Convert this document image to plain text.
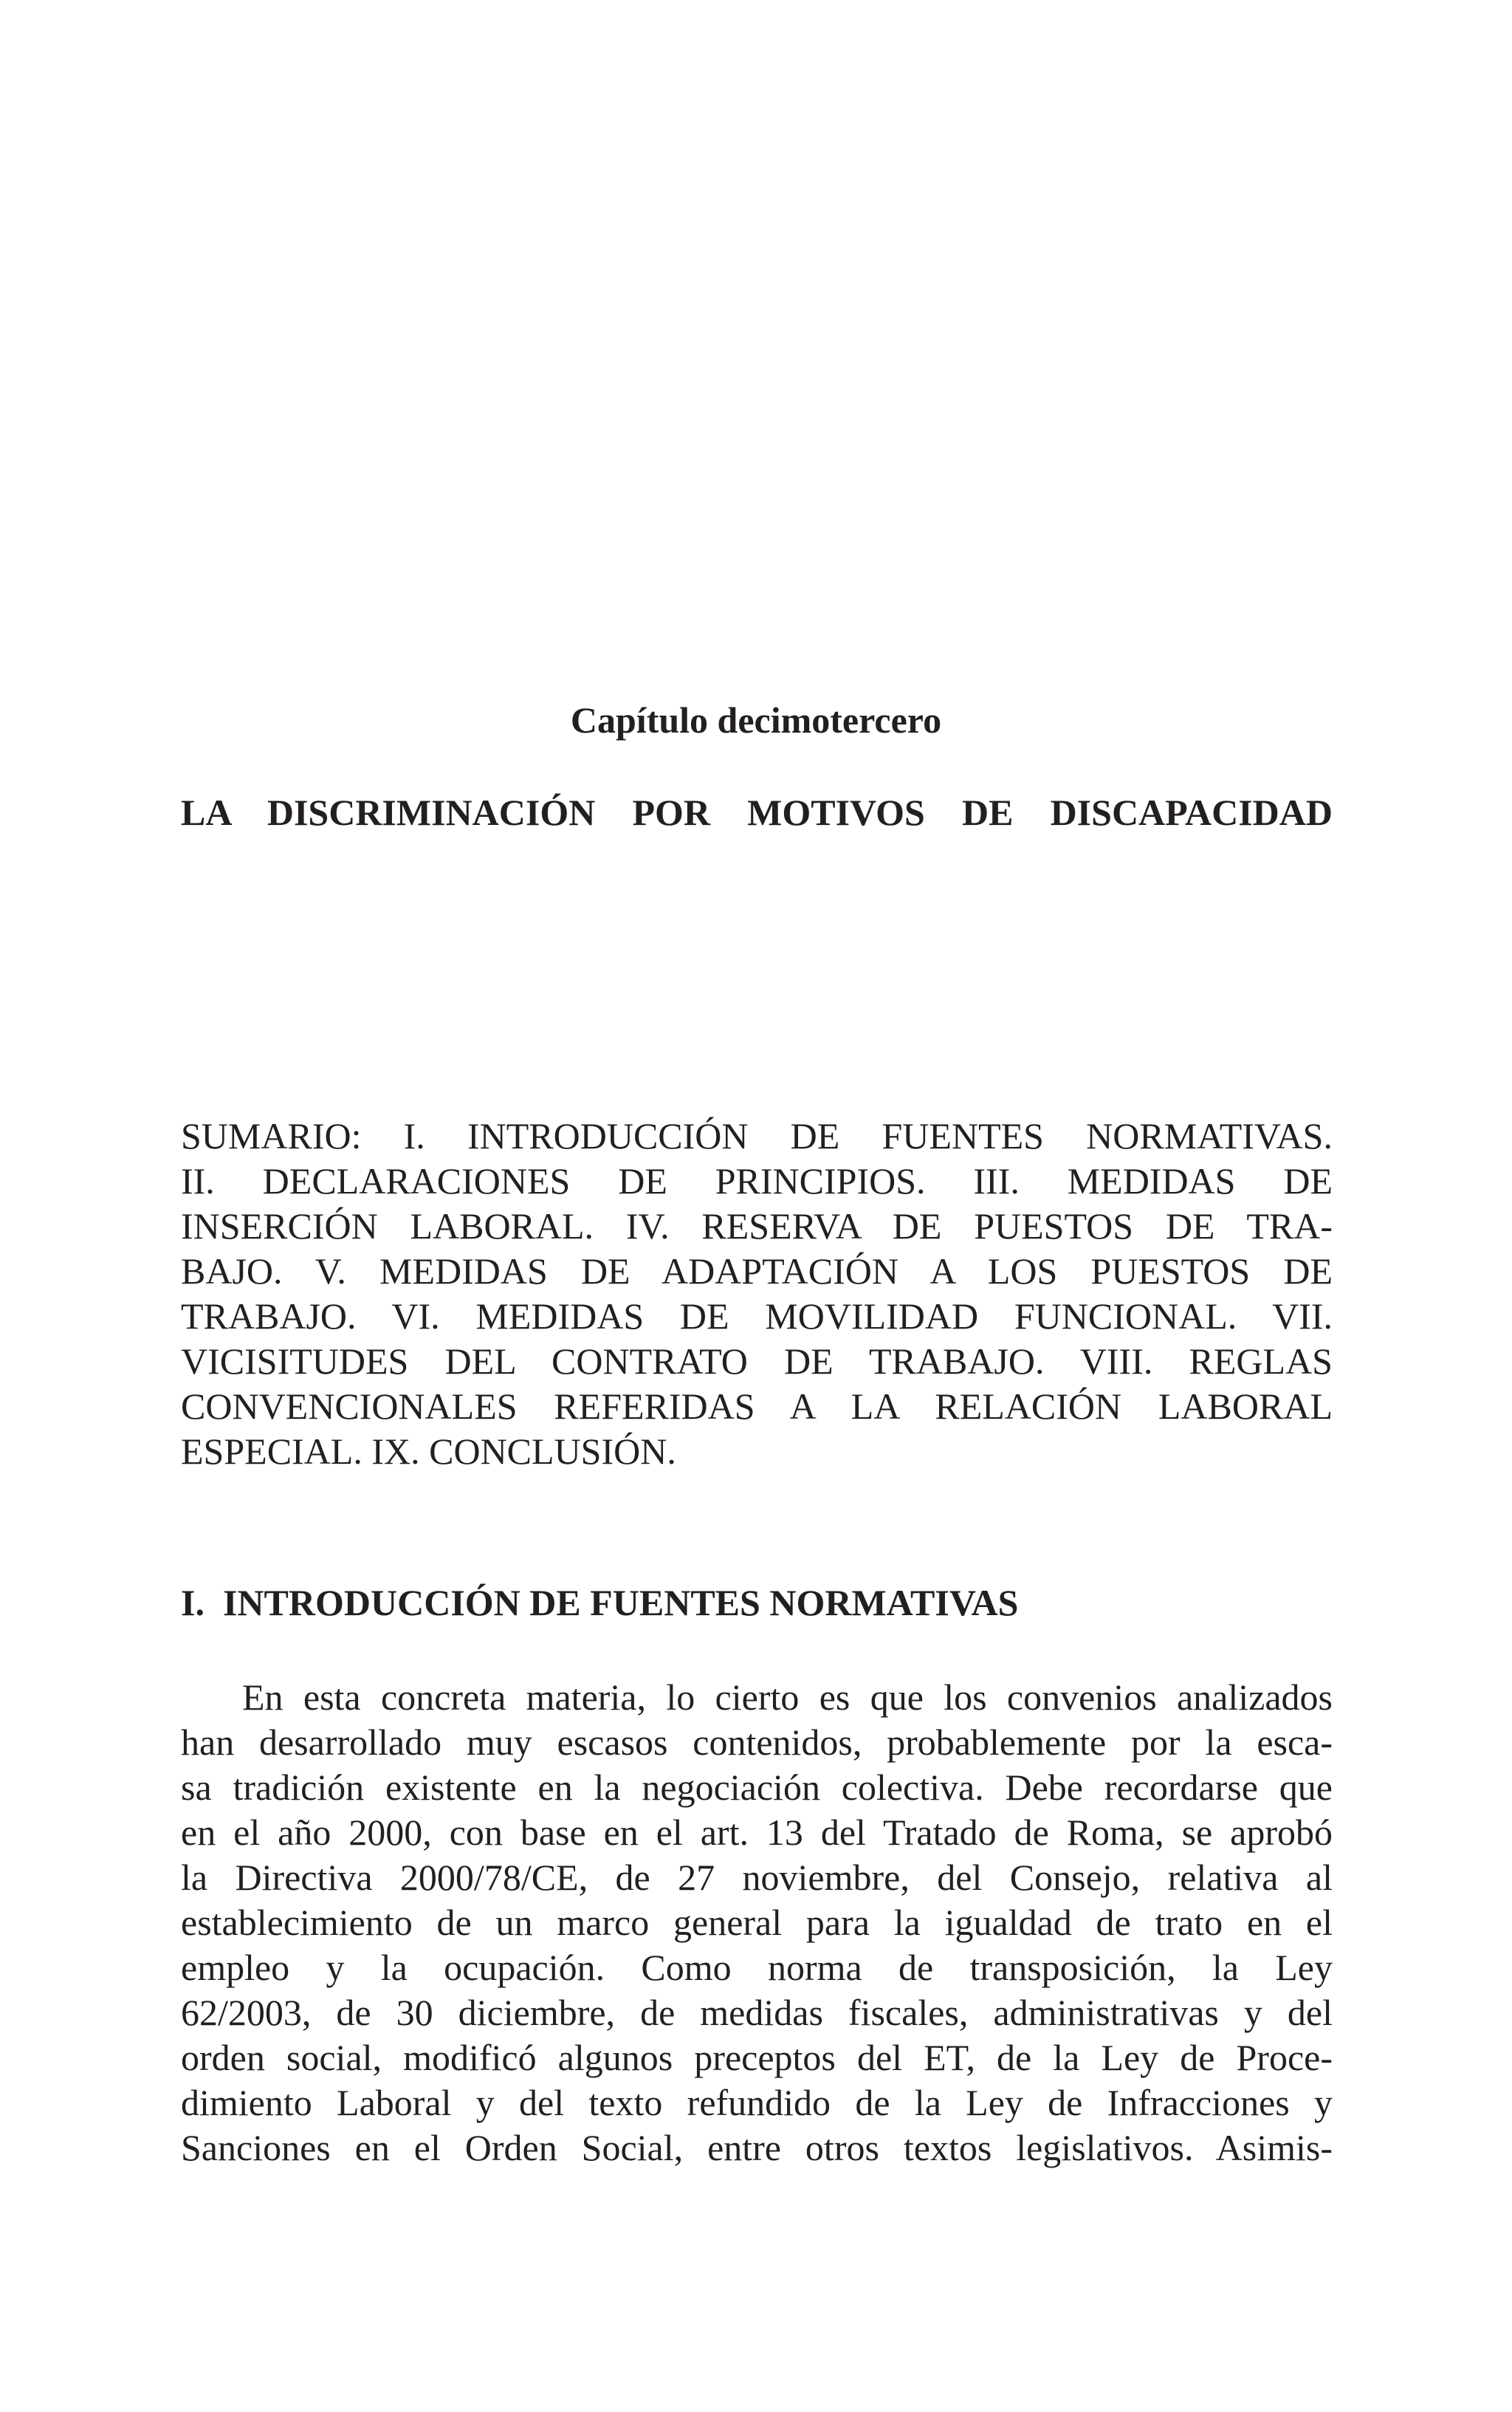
Capítulo decimotercero
LA DISCRIMINACIÓN POR MOTIVOS DE DISCAPACIDAD
SUMARIO: I. INTRODUCCIÓN DE FUENTES NORMATIVAS.
II. DECLARACIONES DE PRINCIPIOS. III. MEDIDAS DE
INSERCIÓN LABORAL. IV. RESERVA DE PUESTOS DE TRA-
BAJO. V. MEDIDAS DE ADAPTACIÓN A LOS PUESTOS DE
TRABAJO. VI. MEDIDAS DE MOVILIDAD FUNCIONAL. VII.
VICISITUDES DEL CONTRATO DE TRABAJO. VIII. REGLAS
CONVENCIONALES REFERIDAS A LA RELACIÓN LABORAL
ESPECIAL. IX. CONCLUSIÓN.
I.  INTRODUCCIÓN DE FUENTES NORMATIVAS
En esta concreta materia, lo cierto es que los convenios analizados
han desarrollado muy escasos contenidos, probablemente por la esca-
sa tradición existente en la negociación colectiva. Debe recordarse que
en el año 2000, con base en el art. 13 del Tratado de Roma, se aprobó
la Directiva 2000/78/CE, de 27 noviembre, del Consejo, relativa al
establecimiento de un marco general para la igualdad de trato en el
empleo y la ocupación. Como norma de transposición, la Ley
62/2003, de 30 diciembre, de medidas fiscales, administrativas y del
orden social, modificó algunos preceptos del ET, de la Ley de Proce-
dimiento Laboral y del texto refundido de la Ley de Infracciones y
Sanciones en el Orden Social, entre otros textos legislativos. Asimis-
